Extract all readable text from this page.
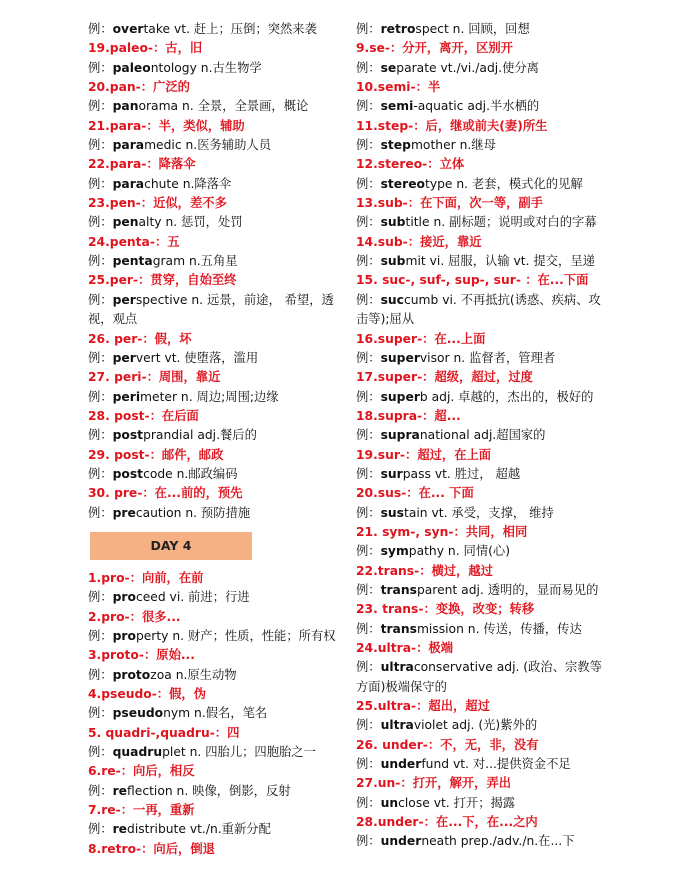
例：overtake vt. 赶上；压倒；突然来袭
19.paleo-：古，旧
例：paleontology n.古生物学
20.pan-：广泛的
例：panorama n. 全景，全景画，概论
21.para-：半，类似，辅助
例：paramedic n.医务辅助人员
22.para-：降落伞
例：parachute n.降落伞
23.pen-：近似，差不多
例：penalty n. 惩罚，处罚
24.penta-：五
例：pentagram n.五角星
25.per-：贯穿，自始至终
例：perspective n. 远景，前途， 希望，透视，观点
26. per-：假，坏
例：pervert vt. 使堕落，滥用
27. peri-：周围，靠近
例：perimeter n. 周边;周围;边缘
28. post-：在后面
例：postprandial adj.餐后的
29. post-：邮件，邮政
例：postcode n.邮政编码
30. pre-：在...前的，预先
例：precaution n. 预防措施
DAY 4
1.pro-：向前，在前
例：proceed vi. 前进；行进
2.pro-：很多...
例：property n. 财产；性质，性能；所有权
3.proto-：原始...
例：protozoa n.原生动物
4.pseudo-：假，伪
例：pseudonym n.假名，笔名
5. quadri-,quadru-：四
例：quadruplet n. 四胎儿；四胞胎之一
6.re-：向后，相反
例：reflection n. 映像，倒影，反射
7.re-：一再，重新
例：redistribute vt./n.重新分配
8.retro-：向后，倒退
例：retrospect n. 回顾，回想
9.se-：分开，离开，区别开
例：separate vt./vi./adj.使分离
10.semi-：半
例：semi-aquatic adj.半水栖的
11.step-：后，继或前夫(妻)所生
例：stepmother n.继母
12.stereo-：立体
例：stereotype n. 老套，模式化的见解
13.sub-：在下面，次一等，副手
例：subtitle n. 副标题；说明或对白的字幕
14.sub-：接近，靠近
例：submit vi. 屈服，认输 vt. 提交，呈递
15. suc-, suf-, sup-, sur- ：在...下面
例：succumb vi. 不再抵抗(诱惑、疾病、攻击等);屈从
16.super-：在...上面
例：supervisor n. 监督者，管理者
17.super-：超级，超过，过度
例：superb adj. 卓越的，杰出的，极好的
18.supra-：超...
例：supranational adj.超国家的
19.sur-：超过，在上面
例：surpass vt. 胜过， 超越
20.sus-：在... 下面
例：sustain vt. 承受，支撑， 维持
21. sym-, syn-：共同，相同
例：sympathy n. 同情(心)
22.trans-：横过，越过
例：transparent adj. 透明的，显而易见的
23. trans-：变换，改变；转移
例：transmission n. 传送，传播，传达
24.ultra-：极端
例：ultraconservative adj. (政治、宗教等方面)极端保守的
25.ultra-：超出，超过
例：ultraviolet adj. (光)紫外的
26. under-：不，无，非，没有
例：underfund vt. 对...提供资金不足
27.un-：打开，解开，弄出
例：unclose vt. 打开；揭露
28.under-：在...下，在...之内
例：underneath prep./adv./n.在...下
